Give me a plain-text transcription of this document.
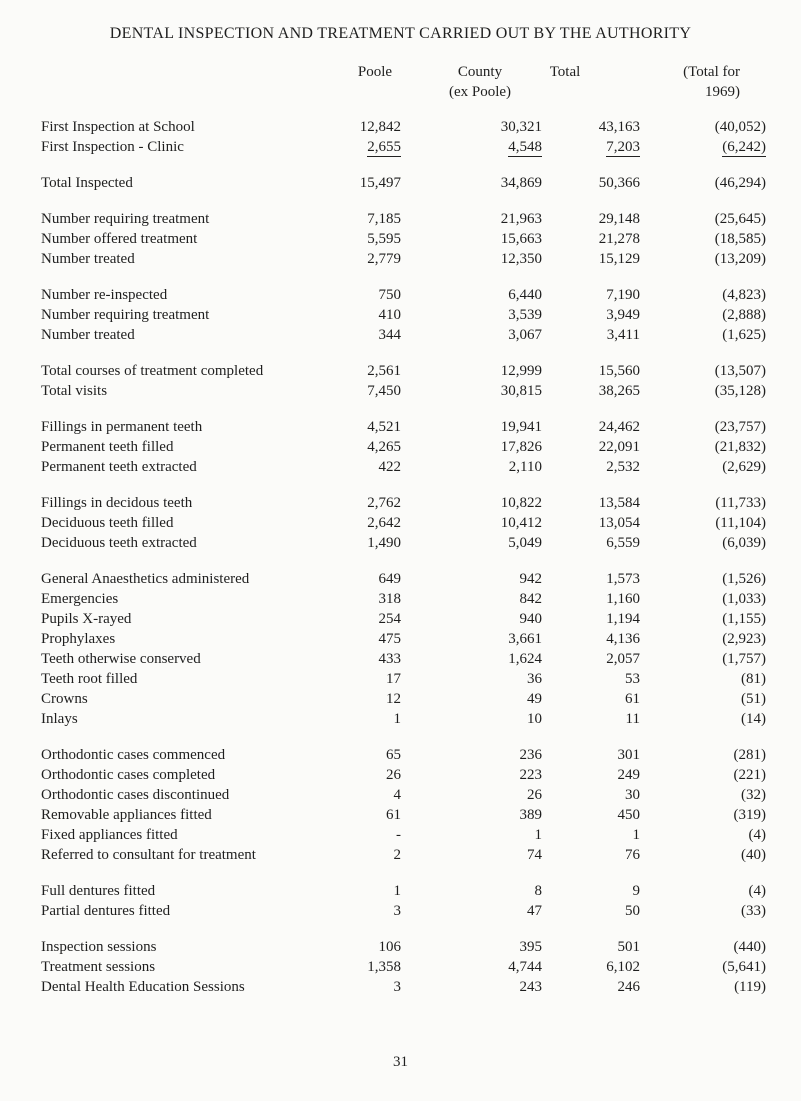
DENTAL INSPECTION AND TREATMENT CARRIED OUT BY THE AUTHORITY
Poole	County
(ex Poole)
Total	(Total for
1969)
First Inspection at School	12,842	30,321	43,163	(40,052)
First Inspection - Clinic	2,655	4,548	7,203	(6,242)

Total Inspected	15,497	34,869	50,366	(46,294)

Number requiring treatment	7,185	21,963	29,148	(25,645)
Number offered treatment	5,595	15,663	21,278	(18,585)
Number treated	2,779	12,350	15,129	(13,209)

Number re-inspected	750	6,440	7,190	(4,823)
Number requiring treatment	410	3,539	3,949	(2,888)
Number treated	344	3,067	3,411	(1,625)

Total courses of treatment completed	2,561	12,999	15,560	(13,507)
Total visits	7,450	30,815	38,265	(35,128)

Fillings in permanent teeth	4,521	19,941	24,462	(23,757)
Permanent teeth filled	4,265	17,826	22,091	(21,832)
Permanent teeth extracted	422	2,110	2,532	(2,629)

Fillings in decidous teeth	2,762	10,822	13,584	(11,733)
Deciduous teeth filled	2,642	10,412	13,054	(11,104)
Deciduous teeth extracted	1,490	5,049	6,559	(6,039)

General Anaesthetics administered	649	942	1,573	(1,526)
Emergencies	318	842	1,160	(1,033)
Pupils X-rayed	254	940	1,194	(1,155)
Prophylaxes	475	3,661	4,136	(2,923)
Teeth otherwise conserved	433	1,624	2,057	(1,757)
Teeth root filled	17	36	53	(81)
Crowns	12	49	61	(51)
Inlays	1	10	11	(14)

Orthodontic cases commenced	65	236	301	(281)
Orthodontic cases completed	26	223	249	(221)
Orthodontic cases discontinued	4	26	30	(32)
Removable appliances fitted	61	389	450	(319)
Fixed appliances fitted	-	1	1	(4)
Referred to consultant for treatment	2	74	76	(40)

Full dentures fitted	1	8	9	(4)
Partial dentures fitted	3	47	50	(33)

Inspection sessions	106	395	501	(440)
Treatment sessions	1,358	4,744	6,102	(5,641)
Dental Health Education Sessions	3	243	246	(119)
31
